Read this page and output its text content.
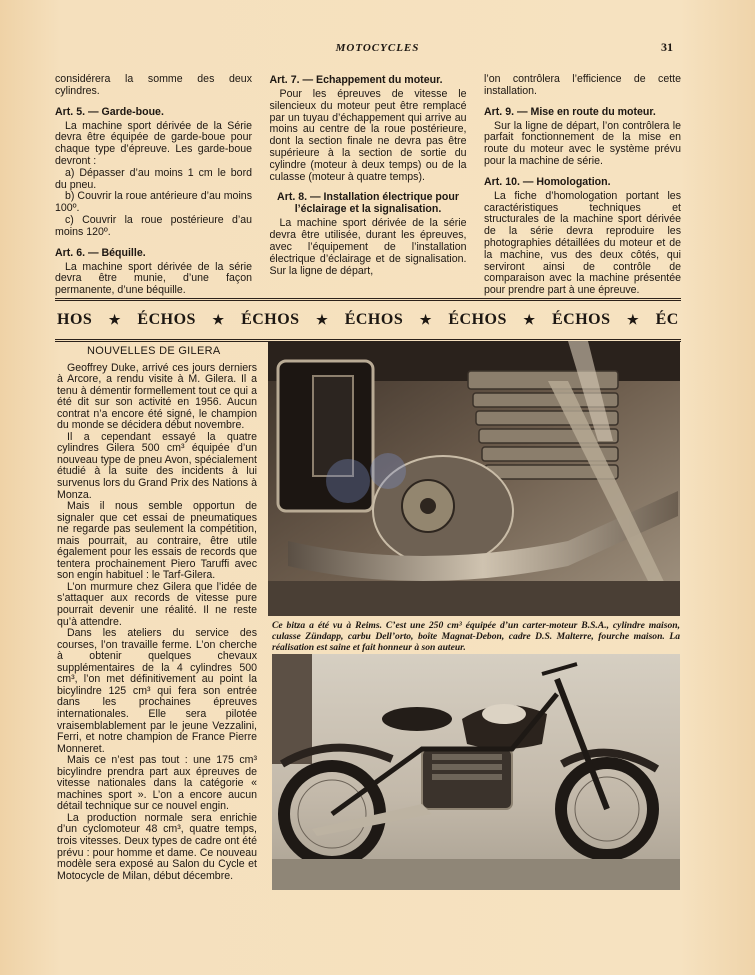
MOTOCYCLES	31

considérera la somme des deux cylindres.

Art. 5. — Garde-boue.

La machine sport dérivée de la Série devra être équipée de garde-boue pour chaque type d’épreuve. Les garde-boue devront :

a) Dépasser d’au moins 1 cm le bord du pneu.

b) Couvrir la roue antérieure d’au moins 100º.

c) Couvrir la roue postérieure d’au moins 120º.

Art. 6. — Béquille.

La machine sport dérivée de la série devra être munie, d’une façon permanente, d’une béquille.

Art. 7. — Echappement du moteur.

Pour les épreuves de vitesse le silencieux du moteur peut être remplacé par un tuyau d’échappement qui arrive au moins au centre de la roue postérieure, dont la section finale ne devra pas être supérieure à la section de sortie du cylindre (moteur à deux temps) ou de la culasse (moteur à quatre temps).

Art. 8. — Installation électrique pour l’éclairage et la signalisation.

La machine sport dérivée de la série devra être utilisée, durant les épreuves, avec l’équipement de l’installation électrique d’éclairage et de signalisation. Sur la ligne de départ,

l’on contrôlera l’efficience de cette installation.

Art. 9. — Mise en route du moteur.

Sur la ligne de départ, l’on contrôlera le parfait fonctionnement de la mise en route du moteur avec le système prévu pour la machine de série.

Art. 10. — Homologation.

La fiche d’homologation portant les caractéristiques techniques et structurales de la machine sport dérivée de la série devra reproduire les photographies détaillées du moteur et de la machine, vus des deux côtés, qui serviront ainsi de contrôle de comparaison avec la machine présentée pour prendre part à une épreuve.

HOS ★ ÉCHOS ★ ÉCHOS ★ ÉCHOS ★ ÉCHOS ★ ÉCHOS ★ ÉC
NOUVELLES DE GILERA

Geoffrey Duke, arrivé ces jours derniers à Arcore, a rendu visite à M. Gilera. Il a tenu à démentir formellement tout ce qui a été dit sur son activité en 1956. Aucun contrat n’a encore été signé, le champion du monde se décidera début novembre.

Il a cependant essayé la quatre cylindres Gilera 500 cm³ équipée d’un nouveau type de pneu Avon, spécialement étudié à la suite des incidents à lui survenus lors du Grand Prix des Nations à Monza.

Mais il nous semble opportun de signaler que cet essai de pneumatiques ne regarde pas seulement la compétition, mais pourrait, au contraire, être utile également pour les essais de records que tentera prochainement Piero Taruffi avec son engin habituel : le Tarf-Gilera.

L’on murmure chez Gilera que l’idée de s’attaquer aux records de vitesse pure pourrait devenir une réalité. Il ne reste qu’à attendre.

Dans les ateliers du service des courses, l’on travaille ferme. L’on cherche à obtenir quelques chevaux supplémentaires de la 4 cylindres 500 cm³, l’on met définitivement au point la bicylindre 125 cm³ qui fera son entrée dans les prochaines épreuves internationales. Elle sera pilotée vraisemblablement par le jeune Vezzalini, Ferri, et notre champion de France Pierre Monneret.

Mais ce n’est pas tout : une 175 cm³ bicylindre prendra part aux épreuves de vitesse nationales dans la catégorie « machines sport ». L’on a encore aucun détail technique sur ce nouvel engin.

La production normale sera enrichie d’un cyclomoteur 48 cm³, quatre temps, trois vitesses. Deux types de cadre ont été prévu : pour homme et dame. Ce nouveau modèle sera exposé au Salon du Cycle et Motocycle de Milan, début décembre.

Ce bitza a été vu à Reims. C’est une 250 cm³ équipée d’un carter-moteur B.S.A., cylindre maison, culasse Zündapp, carbu Dell’orto, boîte Magnat-Debon, cadre D.S. Malterre, fourche maison. La réalisation est saine et fait honneur à son auteur.
